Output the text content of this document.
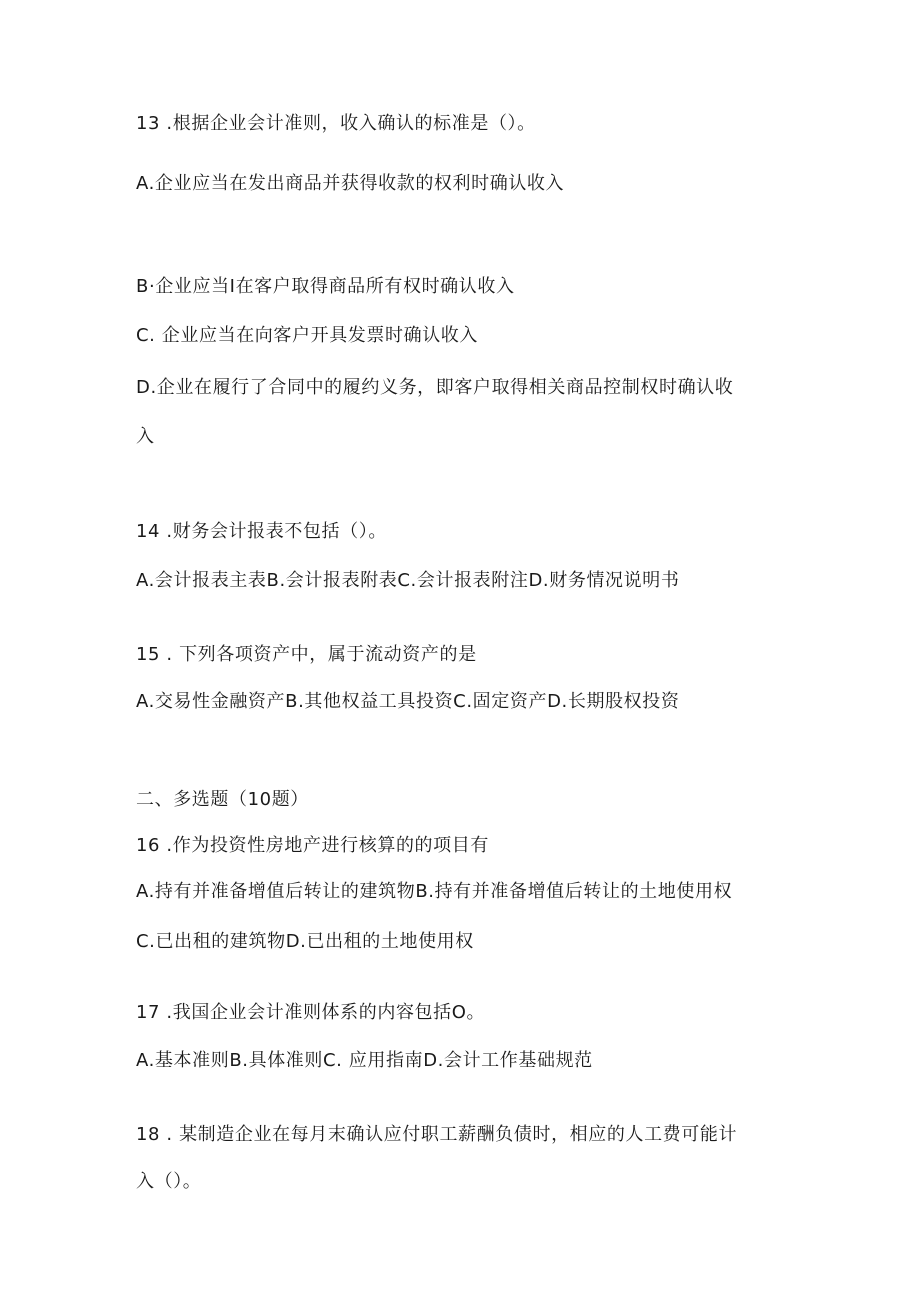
13 .根据企业会计准则，收入确认的标准是（）。
A.企业应当在发出商品并获得收款的权利时确认收入
B·企业应当I在客户取得商品所有权时确认收入
C. 企业应当在向客户开具发票时确认收入
D.企业在履行了合同中的履约义务，即客户取得相关商品控制权时确认收
入
14 .财务会计报表不包括（）。
A.会计报表主表B.会计报表附表C.会计报表附注D.财务情况说明书
15 . 下列各项资产中，属于流动资产的是
A.交易性金融资产B.其他权益工具投资C.固定资产D.长期股权投资
二、多选题（10题）
16 .作为投资性房地产进行核算的的项目有
A.持有并准备增值后转让的建筑物B.持有并准备增值后转让的土地使用权
C.已出租的建筑物D.已出租的土地使用权
17 .我国企业会计准则体系的内容包括O。
A.基本准则B.具体准则C. 应用指南D.会计工作基础规范
18 . 某制造企业在每月末确认应付职工薪酬负债时，相应的人工费可能计
入（）。
